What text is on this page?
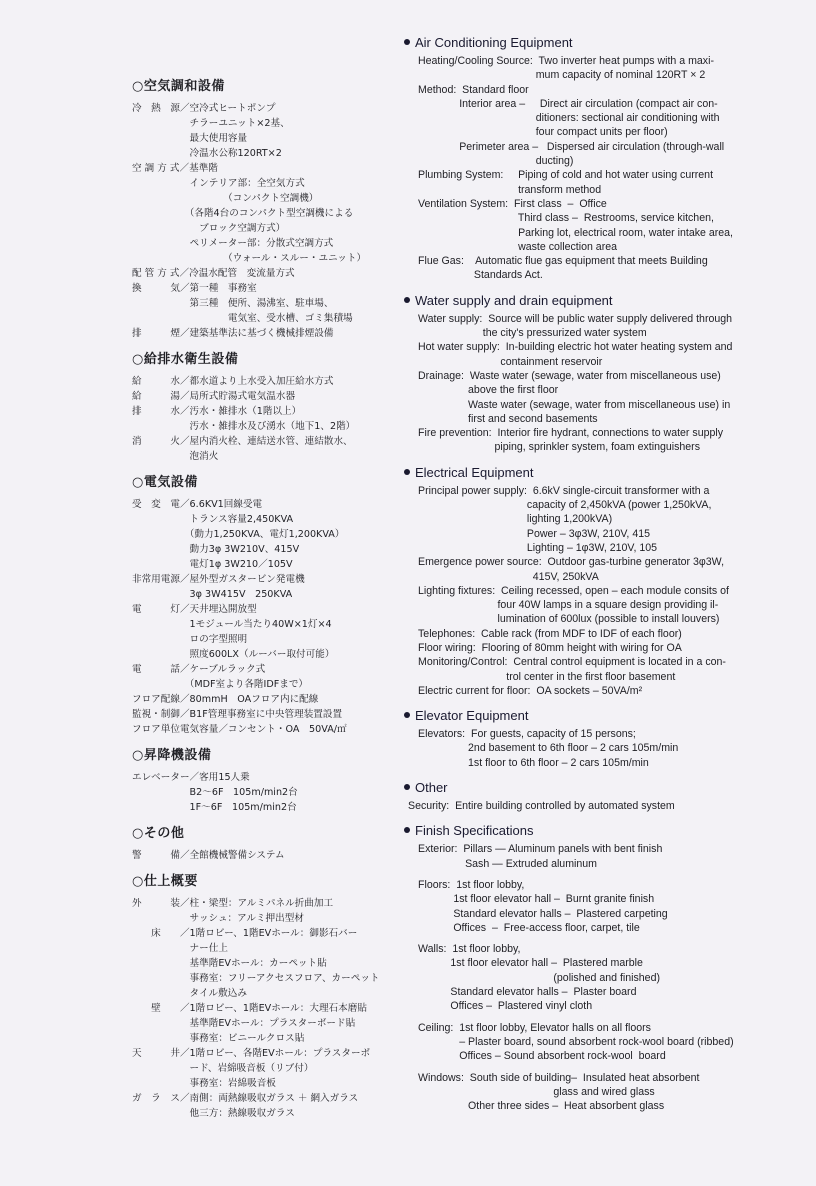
○空気調和設備
冷　熱　源／空冷式ヒートポンプ
　　　　　　チラーユニット×2基、
　　　　　　最大使用容量
　　　　　　冷温水公称120RT×2
空 調 方 式／基準階
　　　　　　インテリア部：全空気方式
　　　　　　　　　　（コンパクト空調機）
　　　　　　（各階4台のコンパクト型空調機による
　　　　　　　ブロック空調方式）
　　　　　　ペリメーター部：分散式空調方式
　　　　　　　　　　（ウォール・スルー・ユニット）
配 管 方 式／冷温水配管　変流量方式
換　　　気／第一種　事務室
　　　　　　第三種　便所、湯沸室、駐車場、
　　　　　　　　　　電気室、受水槽、ゴミ集積場
排　　　煙／建築基準法に基づく機械排煙設備
○給排水衛生設備
給　　　水／都水道より上水受入加圧給水方式
給　　　湯／局所式貯湯式電気温水器
排　　　水／汚水・雑排水（1階以上）
　　　　　　汚水・雑排水及び湧水（地下1、2階）
消　　　火／屋内消火栓、連結送水管、連結散水、
　　　　　　泡消火
○電気設備
受　変　電／6.6KV1回線受電
　　　　　　トランス容量2,450KVA
　　　　　　（動力1,250KVA、電灯1,200KVA）
　　　　　　動力3φ 3W210V、415V
　　　　　　電灯1φ 3W210／105V
非常用電源／屋外型ガスタービン発電機
　　　　　　3φ 3W415V　250KVA
電　　　灯／天井埋込開放型
　　　　　　1モジュール当たり40W×1灯×4
　　　　　　ロの字型照明
　　　　　　照度600LX（ルーバー取付可能）
電　　　話／ケーブルラック式
　　　　　　（MDF室より各階IDFまで）
フロア配線／80mmH　OAフロア内に配線
監視・制御／B1F管理事務室に中央管理装置設置
フロア単位電気容量／コンセント・OA　50VA/㎡
○昇降機設備
エレベーター／客用15人乗
　　　　　　B2～6F　105m/min2台
　　　　　　1F～6F　105m/min2台
○その他
警　　　備／全館機械警備システム
○仕上概要
外　　　装／柱・梁型：アルミパネル折曲加工
　　　　　　サッシュ：アルミ押出型材
　　床　　／1階ロビー、1階EVホール：御影石バー
　　　　　　ナー仕上
　　　　　　基準階EVホール：カーペット貼
　　　　　　事務室：フリーアクセスフロア、カーペット
　　　　　　タイル敷込み
　　壁　　／1階ロビー、1階EVホール：大理石本磨貼
　　　　　　基準階EVホール：プラスターボード貼
　　　　　　事務室：ビニールクロス貼
天　　　井／1階ロビー、各階EVホール：プラスターボ
　　　　　　ード、岩綿吸音板（リブ付）
　　　　　　事務室：岩綿吸音板
ガ　ラ　ス／南側：両熱線吸収ガラス ＋ 網入ガラス
　　　　　　他三方：熱線吸収ガラス
Air Conditioning Equipment
Heating/Cooling Source:  Two inverter heat pumps with a maxi-
mum capacity of nominal 120RT × 2
Method:  Standard floor
Interior area –     Direct air circulation (compact air con-
ditioners: sectional air conditioning with
four compact units per floor)
Perimeter area –   Dispersed air circulation (through-wall
ducting)
Plumbing System:     Piping of cold and hot water using current
transform method
Ventilation System:  First class  –  Office
Third class –  Restrooms, service kitchen,
Parking lot, electrical room, water intake area,
waste collection area
Flue Gas:    Automatic flue gas equipment that meets Building
Standards Act.
Water supply and drain equipment
Water supply:  Source will be public water supply delivered through
the city's pressurized water system
Hot water supply:  In-building electric hot water heating system and
containment reservoir
Drainage:  Waste water (sewage, water from miscellaneous use)
above the first floor
Waste water (sewage, water from miscellaneous use) in
first and second basements
Fire prevention:  Interior fire hydrant, connections to water supply
piping, sprinkler system, foam extinguishers
Electrical Equipment
Principal power supply:  6.6kV single-circuit transformer with a
capacity of 2,450kVA (power 1,250kVA,
lighting 1,200kVA)
Power – 3φ3W, 210V, 415
Lighting – 1φ3W, 210V, 105
Emergence power source:  Outdoor gas-turbine generator 3φ3W,
415V, 250kVA
Lighting fixtures:  Ceiling recessed, open – each module consits of
four 40W lamps in a square design providing il-
lumination of 600lux (possible to install louvers)
Telephones:  Cable rack (from MDF to IDF of each floor)
Floor wiring:  Flooring of 80mm height with wiring for OA
Monitoring/Control:  Central control equipment is located in a con-
trol center in the first floor basement
Electric current for floor:  OA sockets – 50VA/m²
Elevator Equipment
Elevators:  For guests, capacity of 15 persons;
2nd basement to 6th floor – 2 cars 105m/min
1st floor to 6th floor – 2 cars 105m/min
Other
Security:  Entire building controlled by automated system
Finish Specifications
Exterior:  Pillars — Aluminum panels with bent finish
Sash — Extruded aluminum
Floors:  1st floor lobby,
1st floor elevator hall –  Burnt granite finish
Standard elevator halls –  Plastered carpeting
Offices  –  Free-access floor, carpet, tile
Walls:  1st floor lobby,
1st floor elevator hall –  Plastered marble
(polished and finished)
Standard elevator halls –  Plaster board
Offices –  Plastered vinyl cloth
Ceiling:  1st floor lobby, Elevator halls on all floors
– Plaster board, sound absorbent rock-wool board (ribbed)
Offices – Sound absorbent rock-wool  board
Windows:  South side of building–  Insulated heat absorbent
glass and wired glass
Other three sides –  Heat absorbent glass
